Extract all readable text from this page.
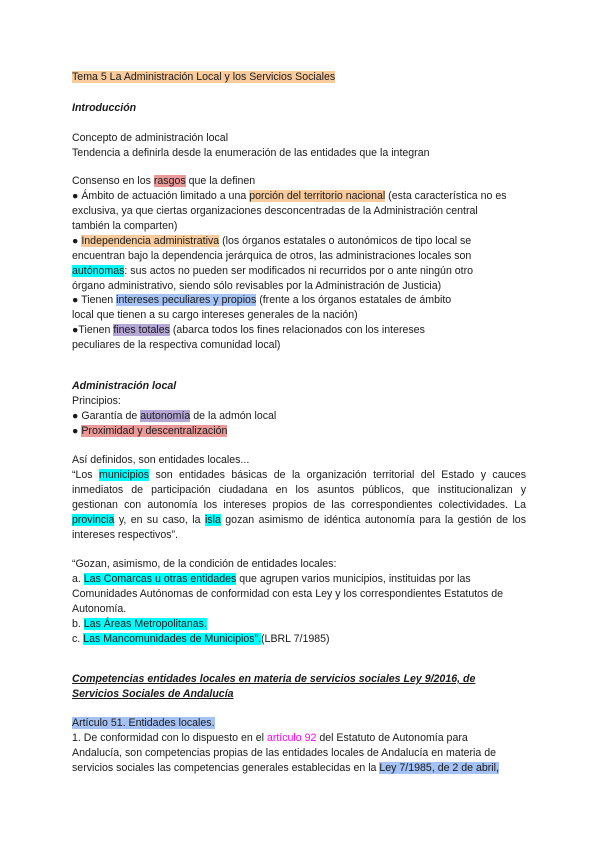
Tema 5 La Administración Local y los Servicios Sociales
Introducción
Concepto de administración local
Tendencia a definirla desde la enumeración de las entidades que la integran
Consenso en los rasgos que la definen
● Ámbito de actuación limitado a una porción del territorio nacional (esta característica no es
exclusiva, ya que ciertas organizaciones desconcentradas de la Administración central
también la comparten)
● Independencia administrativa (los órganos estatales o autonómicos de tipo local se
encuentran bajo la dependencia jerárquica de otros, las administraciones locales son
autónomas: sus actos no pueden ser modificados ni recurridos por o ante ningún otro
órgano administrativo, siendo sólo revisables por la Administración de Justicia)
● Tienen intereses peculiares y propios (frente a los órganos estatales de ámbito
local que tienen a su cargo intereses generales de la nación)
●Tienen fines totales (abarca todos los fines relacionados con los intereses
peculiares de la respectiva comunidad local)
Administración local
Principios:
● Garantía de autonomía de la admón local
● Proximidad y descentralización
Así definidos, son entidades locales...
“Los municipios son entidades básicas de la organización territorial del Estado y cauces
inmediatos de participación ciudadana en los asuntos públicos, que institucionalizan y
gestionan con autonomía los intereses propios de las correspondientes colectividades. La
provincia y, en su caso, la isla gozan asimismo de idéntica autonomía para la gestión de los
intereses respectivos”.
“Gozan, asimismo, de la condición de entidades locales:
a. Las Comarcas u otras entidades que agrupen varios municipios, instituidas por las
Comunidades Autónomas de conformidad con esta Ley y los correspondientes Estatutos de
Autonomía.
b. Las Áreas Metropolitanas.
c. Las Mancomunidades de Municipios”.(LBRL 7/1985)
Competencias entidades locales en materia de servicios sociales Ley 9/2016, de
Servicios Sociales de Andalucía
Artículo 51. Entidades locales.
1. De conformidad con lo dispuesto en el artículo 92 del Estatuto de Autonomía para
Andalucía, son competencias propias de las entidades locales de Andalucía en materia de
servicios sociales las competencias generales establecidas en la Ley 7/1985, de 2 de abril,
